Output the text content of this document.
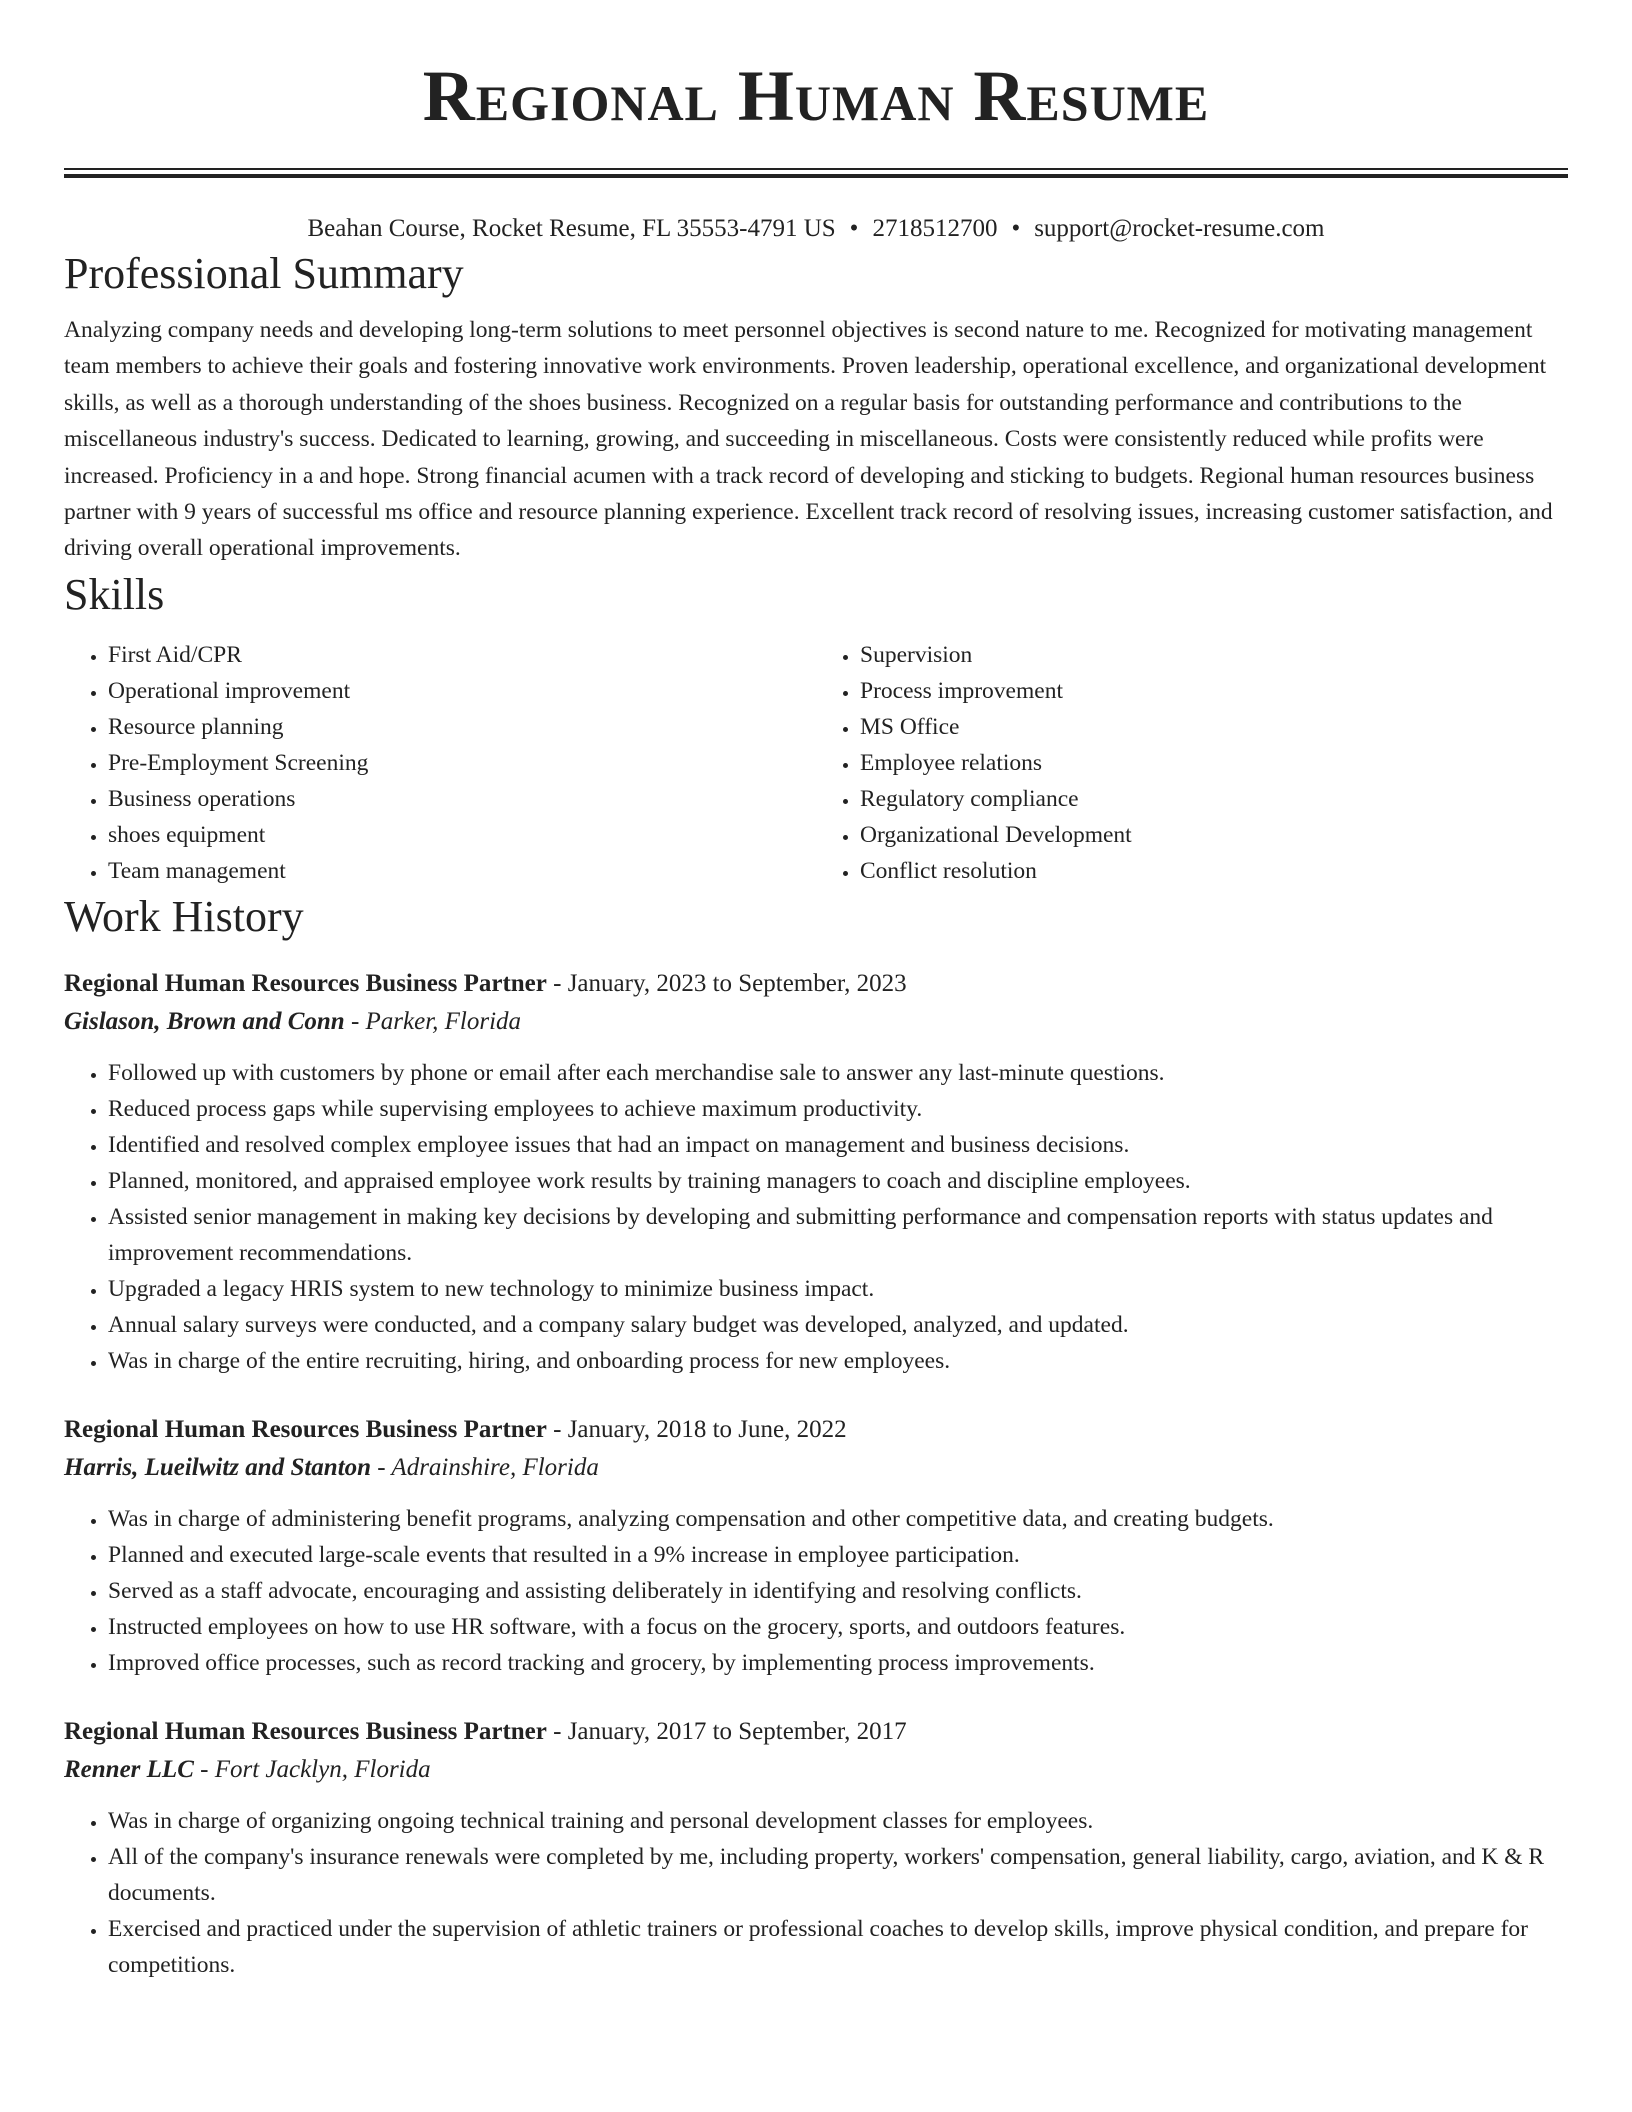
Regional Human Resume
Beahan Course, Rocket Resume, FL 35553-4791 US • 2718512700 • support@rocket-resume.com
Professional Summary

Analyzing company needs and developing long-term solutions to meet personnel objectives is second nature to me. Recognized for motivating management team members to achieve their goals and fostering innovative work environments. Proven leadership, operational excellence, and organizational development skills, as well as a thorough understanding of the shoes business. Recognized on a regular basis for outstanding performance and contributions to the miscellaneous industry's success. Dedicated to learning, growing, and succeeding in miscellaneous. Costs were consistently reduced while profits were increased. Proficiency in a and hope. Strong financial acumen with a track record of developing and sticking to budgets. Regional human resources business partner with 9 years of successful ms office and resource planning experience. Excellent track record of resolving issues, increasing customer satisfaction, and driving overall operational improvements.

Skills
• First Aid/CPR
• Operational improvement
• Resource planning
• Pre-Employment Screening
• Business operations
• shoes equipment
• Team management
• Supervision
• Process improvement
• MS Office
• Employee relations
• Regulatory compliance
• Organizational Development
• Conflict resolution
Work History
Regional Human Resources Business Partner - January, 2023 to September, 2023
Gislason, Brown and Conn - Parker, Florida
• Followed up with customers by phone or email after each merchandise sale to answer any last-minute questions.
• Reduced process gaps while supervising employees to achieve maximum productivity.
• Identified and resolved complex employee issues that had an impact on management and business decisions.
• Planned, monitored, and appraised employee work results by training managers to coach and discipline employees.
• Assisted senior management in making key decisions by developing and submitting performance and compensation reports with status updates and improvement recommendations.
• Upgraded a legacy HRIS system to new technology to minimize business impact.
• Annual salary surveys were conducted, and a company salary budget was developed, analyzed, and updated.
• Was in charge of the entire recruiting, hiring, and onboarding process for new employees.
Regional Human Resources Business Partner - January, 2018 to June, 2022
Harris, Lueilwitz and Stanton - Adrainshire, Florida
• Was in charge of administering benefit programs, analyzing compensation and other competitive data, and creating budgets.
• Planned and executed large-scale events that resulted in a 9% increase in employee participation.
• Served as a staff advocate, encouraging and assisting deliberately in identifying and resolving conflicts.
• Instructed employees on how to use HR software, with a focus on the grocery, sports, and outdoors features.
• Improved office processes, such as record tracking and grocery, by implementing process improvements.
Regional Human Resources Business Partner - January, 2017 to September, 2017
Renner LLC - Fort Jacklyn, Florida
• Was in charge of organizing ongoing technical training and personal development classes for employees.
• All of the company's insurance renewals were completed by me, including property, workers' compensation, general liability, cargo, aviation, and K & R documents.
• Exercised and practiced under the supervision of athletic trainers or professional coaches to develop skills, improve physical condition, and prepare for competitions.
